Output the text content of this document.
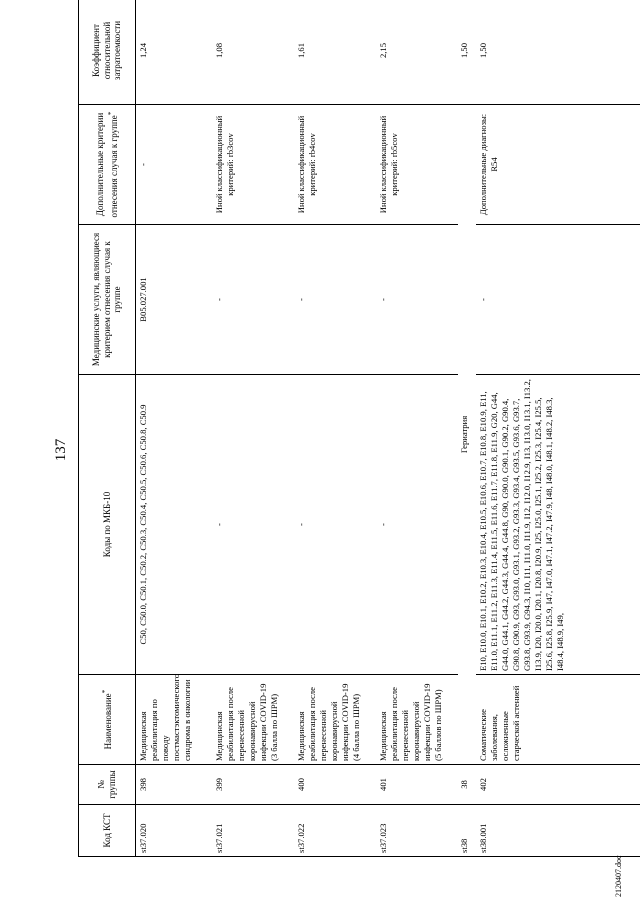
137
Код КСТ	№ группы	Наименование*	Коды по МКБ-10	Медицинские услуги, являющиеся критерием отнесения случая к группе	Дополнительные критерии отнесения случая к группе*	Коэффициент относительной затратоемкости
st37.020	398	Медицинская реабилитация по поводу постмастэктомического синдрома в онкологии	C50, C50.0, C50.1, C50.2, C50.3, C50.4, C50.5, C50.6, C50.8, C50.9	B05.027.001	-	1,24
st37.021	399	Медицинская реабилитация после перенесенной коронавирусной инфекции COVID-19 (3 балла по ШРМ)	-	-	Иной классификационный критерий: rb3cov	1,08
st37.022	400	Медицинская реабилитация после перенесенной коронавирусной инфекции COVID-19 (4 балла по ШРМ)	-	-	Иной классификационный критерий: rb4cov	1,61
st37.023	401	Медицинская реабилитация после перенесенной коронавирусной инфекции COVID-19 (5 баллов по ШРМ)	-	-	Иной классификационный критерий: rb5cov	2,15
st38	38	Гериатрия				1,50
st38.001	402	Соматические заболевания, осложненные старческой астенией	E10, E10.0, E10.1, E10.2, E10.3, E10.4, E10.5, E10.6, E10.7, E10.8, E10.9, E11, E11.0, E11.1, E11.2, E11.3, E11.4, E11.5, E11.6, E11.7, E11.8, E11.9, G20, G44, G44.0, G44.1, G44.2, G44.3, G44.4, G44.8, G90, G90.0, G90.1, G90.2, G90.4, G90.8, G90.9, G93, G93.0, G93.1, G93.2, G93.3, G93.4, G93.5, G93.6, G93.7, G93.8, G93.9, G94.3, I10, I11, I11.0, I11.9, I12, I12.0, I12.9, I13, I13.0, I13.1, I13.2, I13.9, I20, I20.0, I20.1, I20.8, I20.9, I25, I25.0, I25.1, I25.2, I25.3, I25.4, I25.5, I25.6, I25.8, I25.9, I47, I47.0, I47.1, I47.2, I47.9, I48, I48.0, I48.1, I48.2, I48.3, I48.4, I48.9, I49,	-	Дополнительные диагнозы: R54	1,50
2120407.doc
